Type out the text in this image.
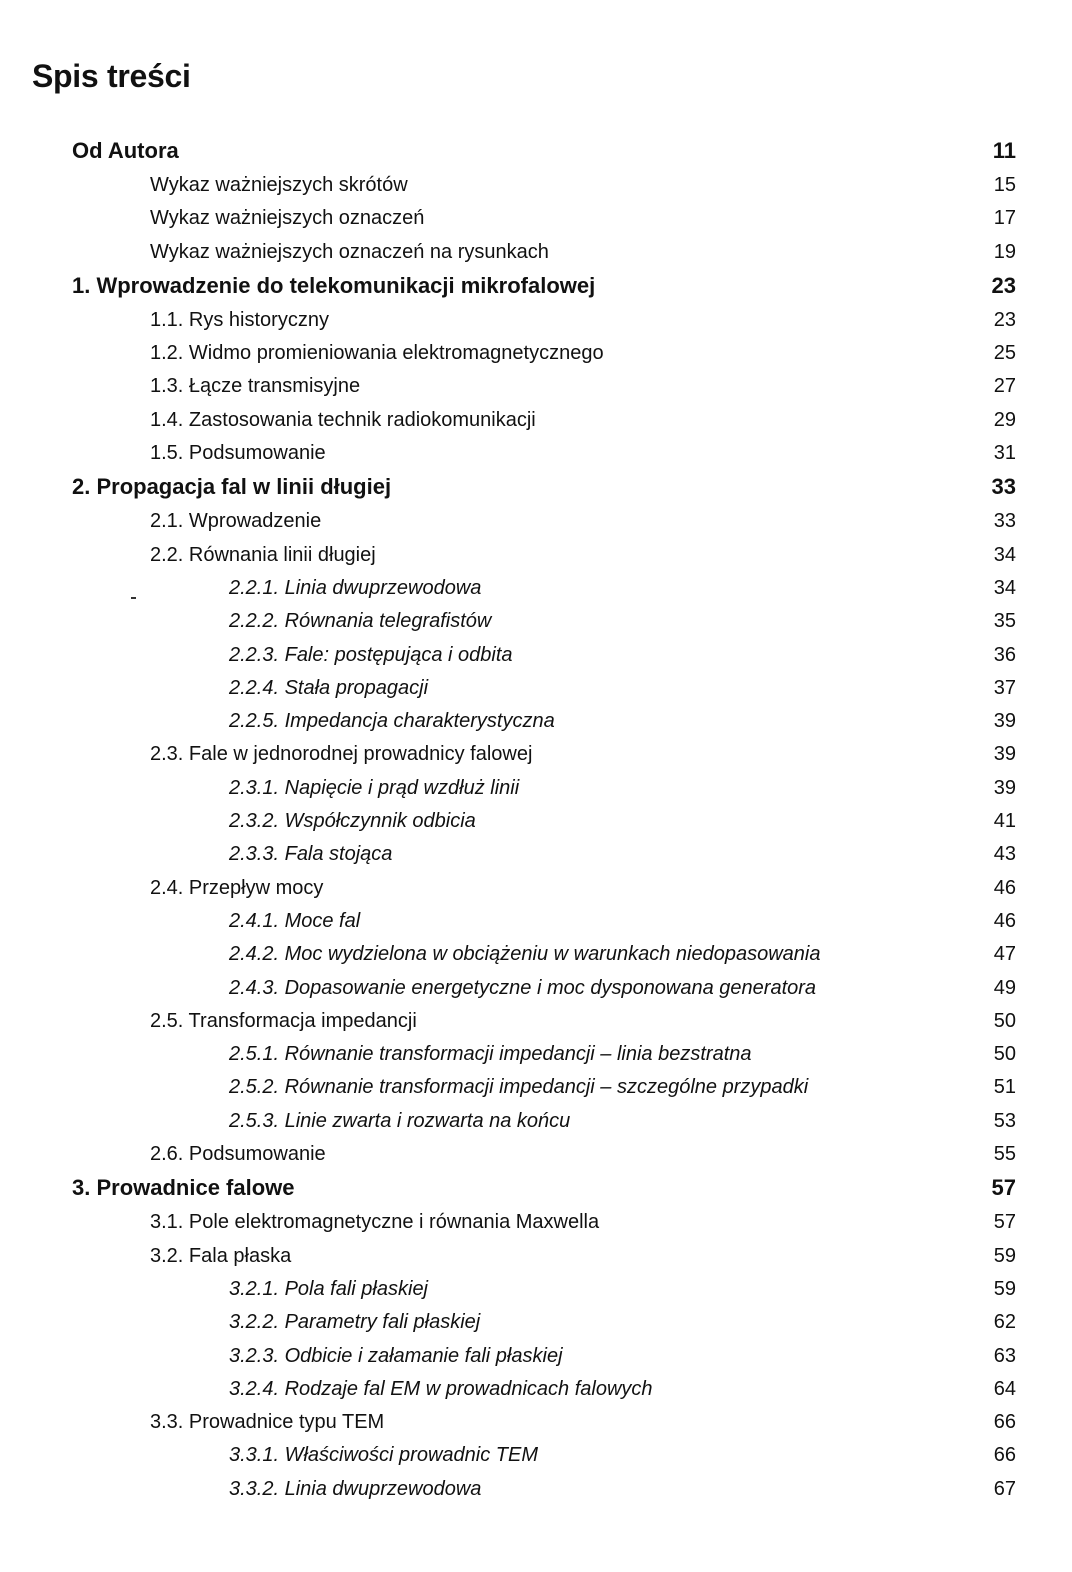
Spis treści
Od Autora	11
Wykaz ważniejszych skrótów	15
Wykaz ważniejszych oznaczeń	17
Wykaz ważniejszych oznaczeń na rysunkach	19
1. Wprowadzenie do telekomunikacji mikrofalowej	23
1.1. Rys historyczny	23
1.2. Widmo promieniowania elektromagnetycznego	25
1.3. Łącze transmisyjne	27
1.4. Zastosowania technik radiokomunikacji	29
1.5. Podsumowanie	31
2. Propagacja fal w linii długiej	33
2.1. Wprowadzenie	33
2.2. Równania linii długiej	34
2.2.1. Linia dwuprzewodowa	34
2.2.2. Równania telegrafistów	35
2.2.3. Fale: postępująca i odbita	36
2.2.4. Stała propagacji	37
2.2.5. Impedancja charakterystyczna	39
2.3. Fale w jednorodnej prowadnicy falowej	39
2.3.1. Napięcie i prąd wzdłuż linii	39
2.3.2. Współczynnik odbicia	41
2.3.3. Fala stojąca	43
2.4. Przepływ mocy	46
2.4.1. Moce fal	46
2.4.2. Moc wydzielona w obciążeniu w warunkach niedopasowania	47
2.4.3. Dopasowanie energetyczne i moc dysponowana generatora	49
2.5. Transformacja impedancji	50
2.5.1. Równanie transformacji impedancji – linia bezstratna	50
2.5.2. Równanie transformacji impedancji – szczególne przypadki	51
2.5.3. Linie zwarta i rozwarta na końcu	53
2.6. Podsumowanie	55
3. Prowadnice falowe	57
3.1. Pole elektromagnetyczne i równania Maxwella	57
3.2. Fala płaska	59
3.2.1. Pola fali płaskiej	59
3.2.2. Parametry fali płaskiej	62
3.2.3. Odbicie i załamanie fali płaskiej	63
3.2.4. Rodzaje fal EM w prowadnicach falowych	64
3.3. Prowadnice typu TEM	66
3.3.1. Właściwości prowadnic TEM	66
3.3.2. Linia dwuprzewodowa	67
